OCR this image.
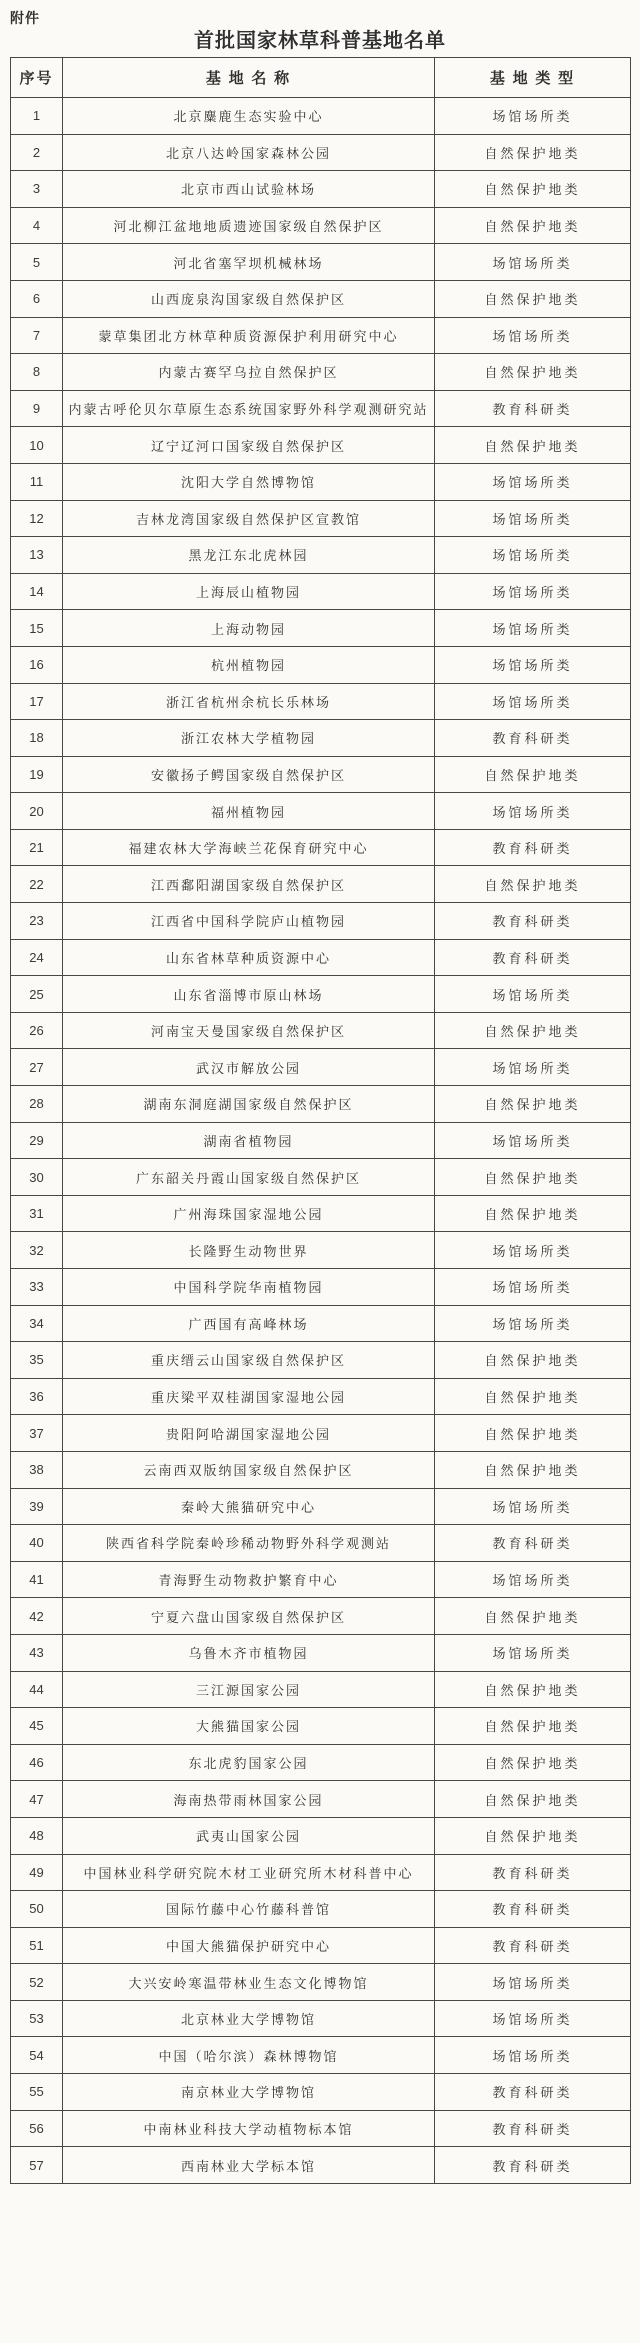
附件
首批国家林草科普基地名单
序号	基 地 名 称	基 地 类 型
1	北京麋鹿生态实验中心	场馆场所类
2	北京八达岭国家森林公园	自然保护地类
3	北京市西山试验林场	自然保护地类
4	河北柳江盆地地质遗迹国家级自然保护区	自然保护地类
5	河北省塞罕坝机械林场	场馆场所类
6	山西庞泉沟国家级自然保护区	自然保护地类
7	蒙草集团北方林草种质资源保护利用研究中心	场馆场所类
8	内蒙古赛罕乌拉自然保护区	自然保护地类
9	内蒙古呼伦贝尔草原生态系统国家野外科学观测研究站	教育科研类
10	辽宁辽河口国家级自然保护区	自然保护地类
11	沈阳大学自然博物馆	场馆场所类
12	吉林龙湾国家级自然保护区宣教馆	场馆场所类
13	黑龙江东北虎林园	场馆场所类
14	上海辰山植物园	场馆场所类
15	上海动物园	场馆场所类
16	杭州植物园	场馆场所类
17	浙江省杭州余杭长乐林场	场馆场所类
18	浙江农林大学植物园	教育科研类
19	安徽扬子鳄国家级自然保护区	自然保护地类
20	福州植物园	场馆场所类
21	福建农林大学海峡兰花保育研究中心	教育科研类
22	江西鄱阳湖国家级自然保护区	自然保护地类
23	江西省中国科学院庐山植物园	教育科研类
24	山东省林草种质资源中心	教育科研类
25	山东省淄博市原山林场	场馆场所类
26	河南宝天曼国家级自然保护区	自然保护地类
27	武汉市解放公园	场馆场所类
28	湖南东洞庭湖国家级自然保护区	自然保护地类
29	湖南省植物园	场馆场所类
30	广东韶关丹霞山国家级自然保护区	自然保护地类
31	广州海珠国家湿地公园	自然保护地类
32	长隆野生动物世界	场馆场所类
33	中国科学院华南植物园	场馆场所类
34	广西国有高峰林场	场馆场所类
35	重庆缙云山国家级自然保护区	自然保护地类
36	重庆梁平双桂湖国家湿地公园	自然保护地类
37	贵阳阿哈湖国家湿地公园	自然保护地类
38	云南西双版纳国家级自然保护区	自然保护地类
39	秦岭大熊猫研究中心	场馆场所类
40	陕西省科学院秦岭珍稀动物野外科学观测站	教育科研类
41	青海野生动物救护繁育中心	场馆场所类
42	宁夏六盘山国家级自然保护区	自然保护地类
43	乌鲁木齐市植物园	场馆场所类
44	三江源国家公园	自然保护地类
45	大熊猫国家公园	自然保护地类
46	东北虎豹国家公园	自然保护地类
47	海南热带雨林国家公园	自然保护地类
48	武夷山国家公园	自然保护地类
49	中国林业科学研究院木材工业研究所木材科普中心	教育科研类
50	国际竹藤中心竹藤科普馆	教育科研类
51	中国大熊猫保护研究中心	教育科研类
52	大兴安岭寒温带林业生态文化博物馆	场馆场所类
53	北京林业大学博物馆	场馆场所类
54	中国（哈尔滨）森林博物馆	场馆场所类
55	南京林业大学博物馆	教育科研类
56	中南林业科技大学动植物标本馆	教育科研类
57	西南林业大学标本馆	教育科研类
